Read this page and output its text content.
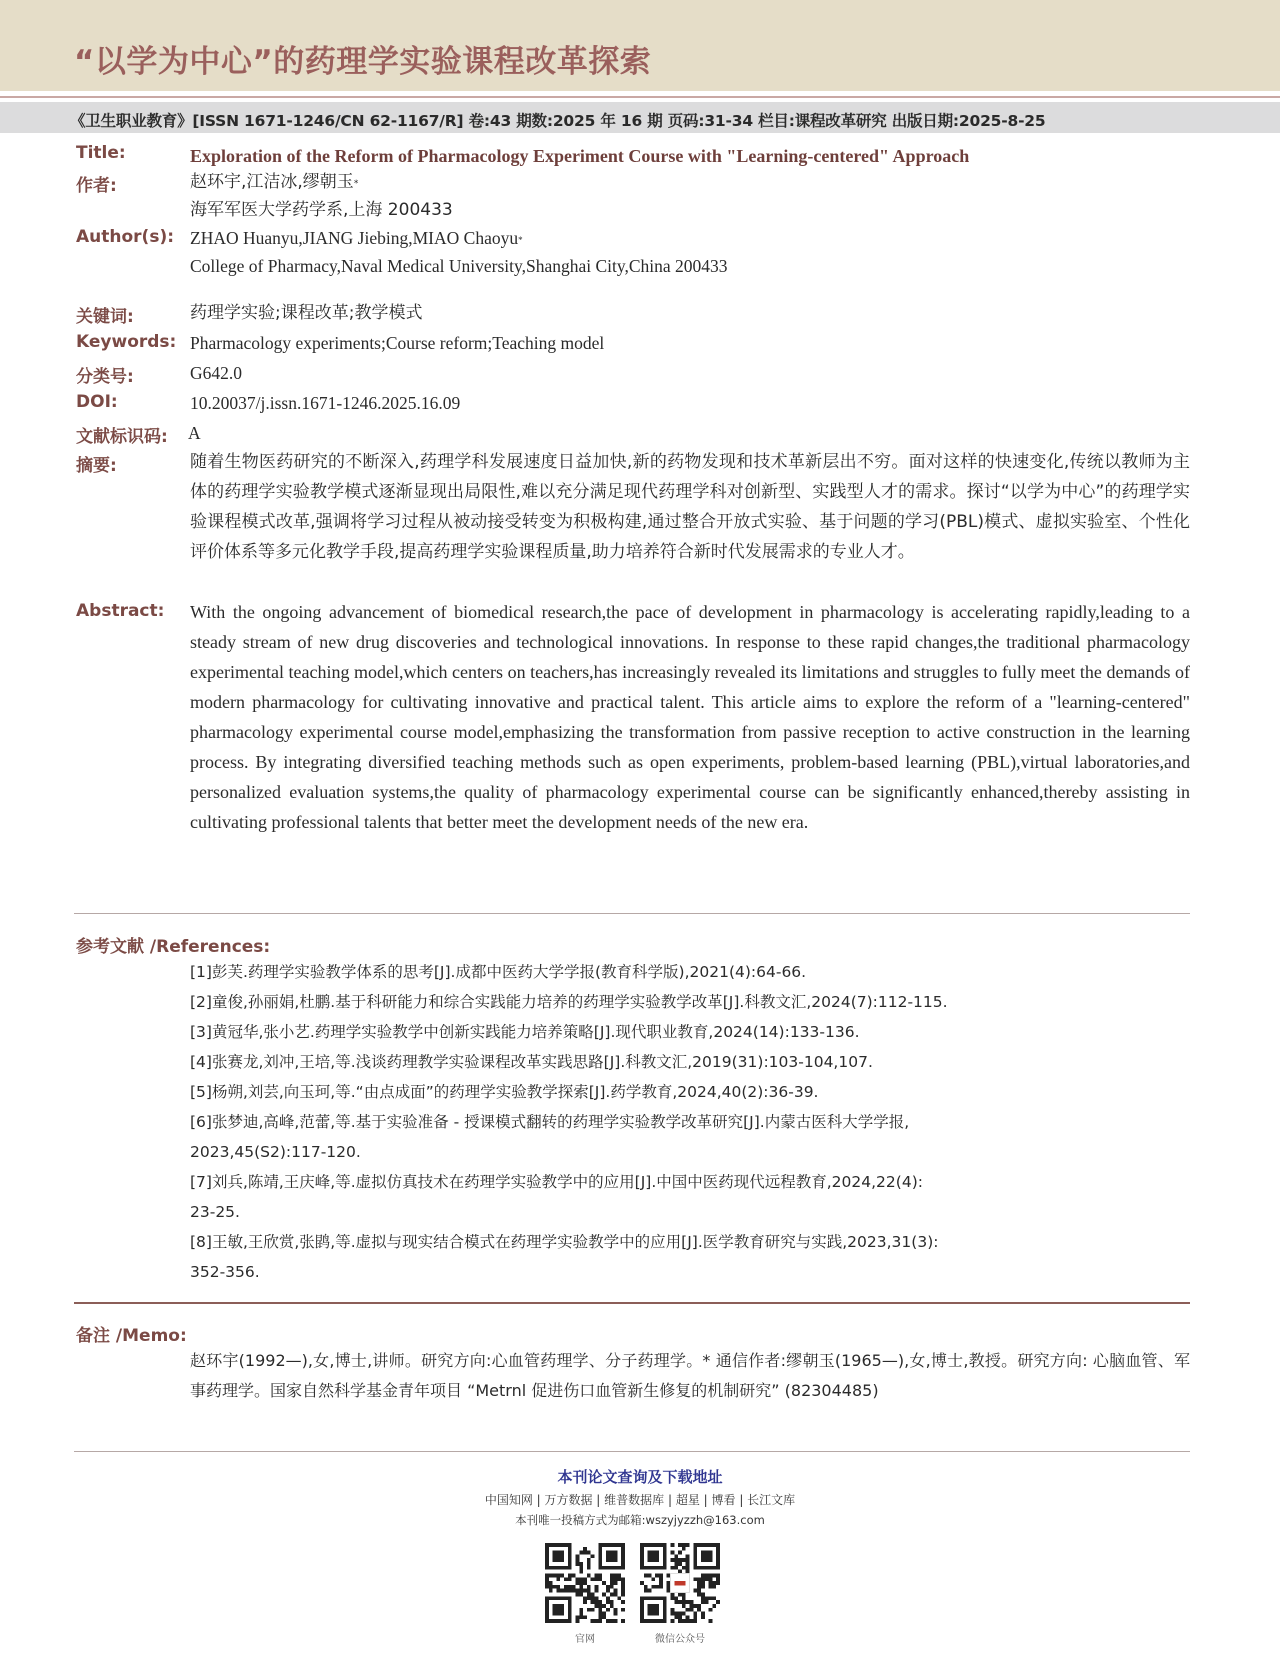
“以学为中心”的药理学实验课程改革探索
《卫生职业教育》[ISSN 1671-1246/CN 62-1167/R] 卷:43 期数:2025 年 16 期 页码:31-34 栏目:课程改革研究 出版日期:2025-8-25
Title:	Exploration of the Reform of Pharmacology Experiment Course with "Learning-centered" Approach
作者:	赵环宇,江洁冰,缪朝玉*
海军军医大学药学系,上海 200433
Author(s): ZHAO Huanyu,JIANG Jiebing,MIAO Chaoyu*
College of Pharmacy,Naval Medical University,Shanghai City,China 200433
关键词:	药理学实验;课程改革;教学模式
Keywords: Pharmacology experiments;Course reform;Teaching model
分类号:	G642.0
DOI:	10.20037/j.issn.1671-1246.2025.16.09
文献标识码: A
摘要:	随着生物医药研究的不断深入,药理学科发展速度日益加快,新的药物发现和技术革新层出不穷。面对这样的快速变化,传统以教师为主体的药理学实验教学模式逐渐显现出局限性,难以充分满足现代药理学科对创新型、实践型人才的需求。探讨“以学为中心”的药理学实验课程模式改革,强调将学习过程从被动接受转变为积极构建,通过整合开放式实验、基于问题的学习(PBL)模式、虚拟实验室、个性化评价体系等多元化教学手段,提高药理学实验课程质量,助力培养符合新时代发展需求的专业人才。
Abstract: With the ongoing advancement of biomedical research,the pace of development in pharmacology is accelerating rapidly,leading to a steady stream of new drug discoveries and technological innovations. In response to these rapid changes,the traditional pharmacology experimental teaching model,which centers on teachers,has increasingly revealed its limitations and struggles to fully meet the demands of modern pharmacology for cultivating innovative and practical talent. This article aims to explore the reform of a "learning-centered" pharmacology experimental course model,emphasizing the transformation from passive reception to active construction in the learning process. By integrating diversified teaching methods such as open experiments, problem-based learning (PBL),virtual laboratories,and personalized evaluation systems,the quality of pharmacology experimental course can be significantly enhanced,thereby assisting in cultivating professional talents that better meet the development needs of the new era.
参考文献 /References:
[1]彭芙.药理学实验教学体系的思考[J].成都中医药大学学报(教育科学版),2021(4):64-66.
[2]童俊,孙丽娟,杜鹏.基于科研能力和综合实践能力培养的药理学实验教学改革[J].科教文汇,2024(7):112-115.
[3]黄冠华,张小艺.药理学实验教学中创新实践能力培养策略[J].现代职业教育,2024(14):133-136.
[4]张赛龙,刘冲,王培,等.浅谈药理教学实验课程改革实践思路[J].科教文汇,2019(31):103-104,107.
[5]杨朔,刘芸,向玉珂,等.“由点成面”的药理学实验教学探索[J].药学教育,2024,40(2):36-39.
[6]张梦迪,高峰,范蕾,等.基于实验准备 - 授课模式翻转的药理学实验教学改革研究[J].内蒙古医科大学学报,
2023,45(S2):117-120.
[7]刘兵,陈靖,王庆峰,等.虚拟仿真技术在药理学实验教学中的应用[J].中国中医药现代远程教育,2024,22(4):
23-25.
[8]王敏,王欣赏,张鹍,等.虚拟与现实结合模式在药理学实验教学中的应用[J].医学教育研究与实践,2023,31(3):
352-356.
备注 /Memo:
赵环宇(1992—),女,博士,讲师。研究方向:心血管药理学、分子药理学。* 通信作者:缪朝玉(1965—),女,博士,教授。研究方向: 心脑血管、军事药理学。国家自然科学基金青年项目 “Metrnl 促进伤口血管新生修复的机制研究” (82304485)
本刊论文查询及下载地址
中国知网 | 万方数据 | 维普数据库 | 超星 | 博看 | 长江文库
本刊唯一投稿方式为邮箱:wszyjyzzh@163.com
官网	微信公众号
